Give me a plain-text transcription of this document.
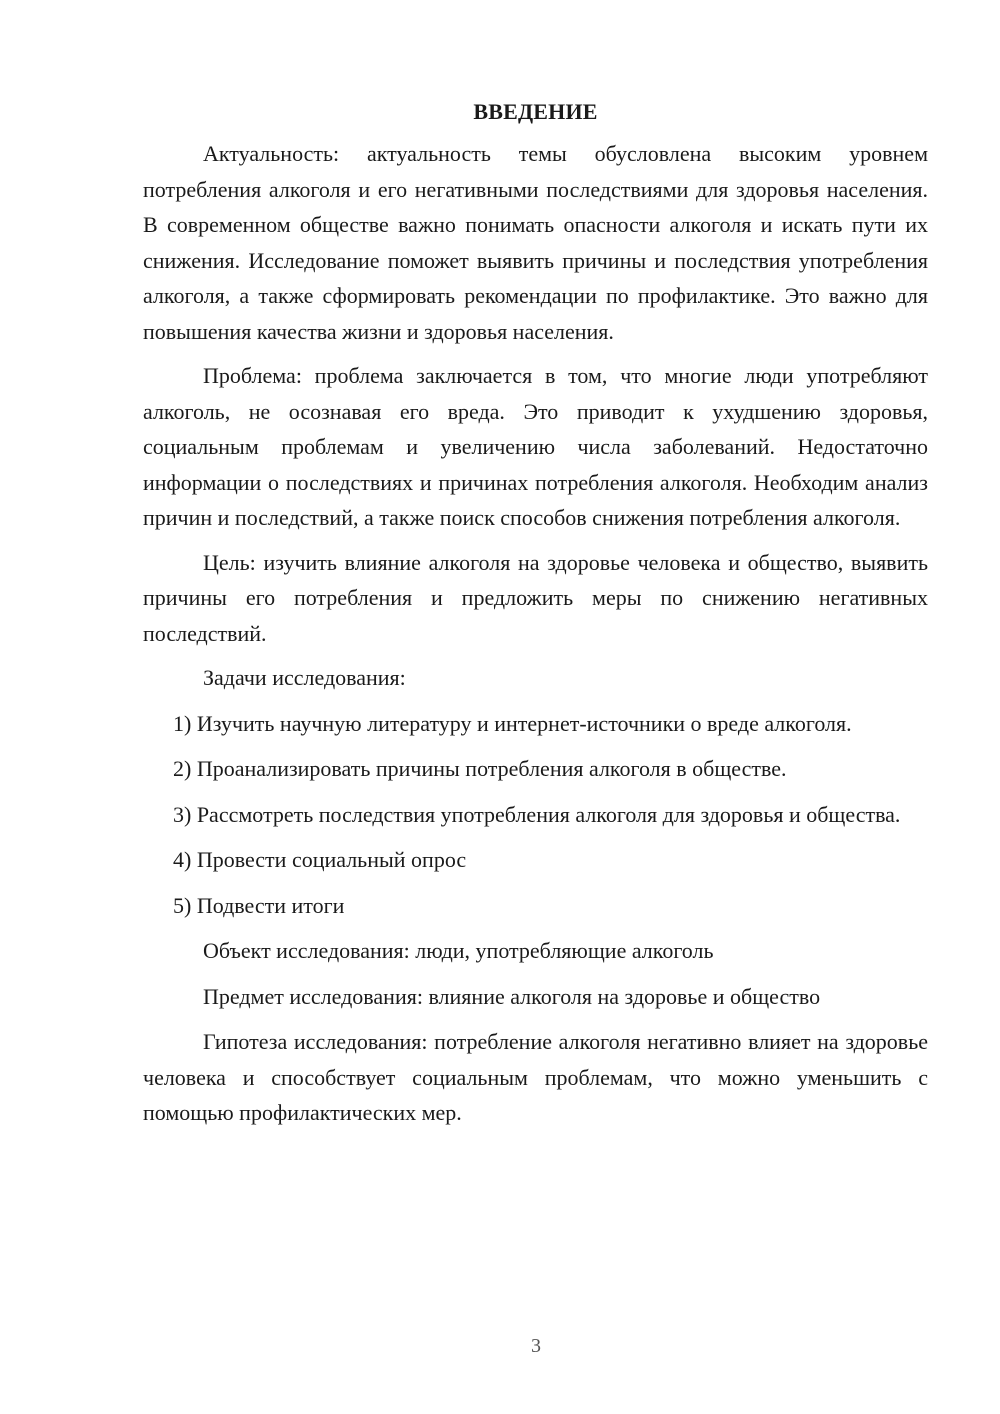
ВВЕДЕНИЕ

Актуальность: актуальность темы обусловлена высоким уровнем потребления алкоголя и его негативными последствиями для здоровья населения. В современном обществе важно понимать опасности алкоголя и искать пути их снижения. Исследование поможет выявить причины и последствия употребления алкоголя, а также сформировать рекомендации по профилактике. Это важно для повышения качества жизни и здоровья населения.

Проблема: проблема заключается в том, что многие люди употребляют алкоголь, не осознавая его вреда. Это приводит к ухудшению здоровья, социальным проблемам и увеличению числа заболеваний. Недостаточно информации о последствиях и причинах потребления алкоголя. Необходим анализ причин и последствий, а также поиск способов снижения потребления алкоголя.

Цель: изучить влияние алкоголя на здоровье человека и общество, выявить причины его потребления и предложить меры по снижению негативных последствий.

Задачи исследования:

1) Изучить научную литературу и интернет-источники о вреде алкоголя.

2) Проанализировать причины потребления алкоголя в обществе.

3) Рассмотреть последствия употребления алкоголя для здоровья и общества.

4) Провести социальный опрос

5) Подвести итоги

Объект исследования: люди, употребляющие алкоголь

Предмет исследования: влияние алкоголя на здоровье и общество

Гипотеза исследования: потребление алкоголя негативно влияет на здоровье человека и способствует социальным проблемам, что можно уменьшить с помощью профилактических мер.

3
